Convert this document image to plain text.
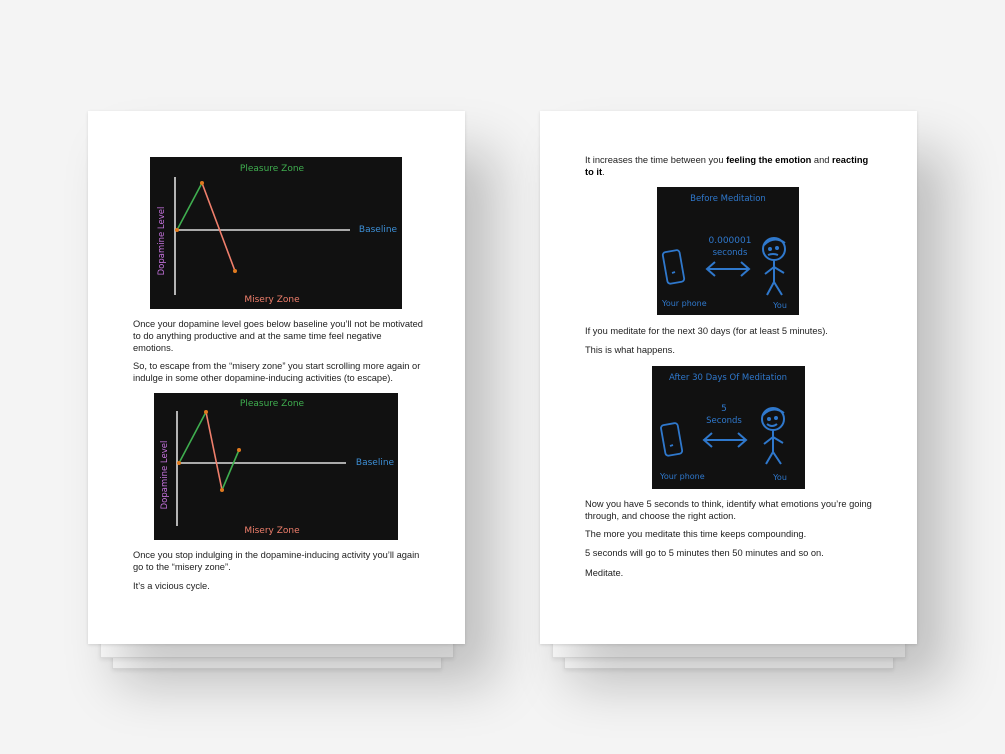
Pleasure Zone
Misery Zone
Baseline
Dopamine Level

Once your dopamine level goes below baseline you’ll not be motivated to do anything productive and at the same time feel negative emotions.

So, to escape from the “misery zone” you start scrolling more again or indulge in some other dopamine-inducing activities (to escape).

Pleasure Zone
Misery Zone
Baseline
Dopamine Level

Once you stop indulging in the dopamine-inducing activity you’ll again go to the “misery zone”.

It’s a vicious cycle.

It increases the time between you feeling the emotion and reacting to it.

Before Meditation
0.000001
seconds
Your phone	You

If you meditate for the next 30 days (for at least 5 minutes).

This is what happens.

After 30 Days Of Meditation
5
Seconds
Your phone	You

Now you have 5 seconds to think, identify what emotions you’re going through, and choose the right action.

The more you meditate this time keeps compounding.

5 seconds will go to 5 minutes then 50 minutes and so on.

Meditate.
